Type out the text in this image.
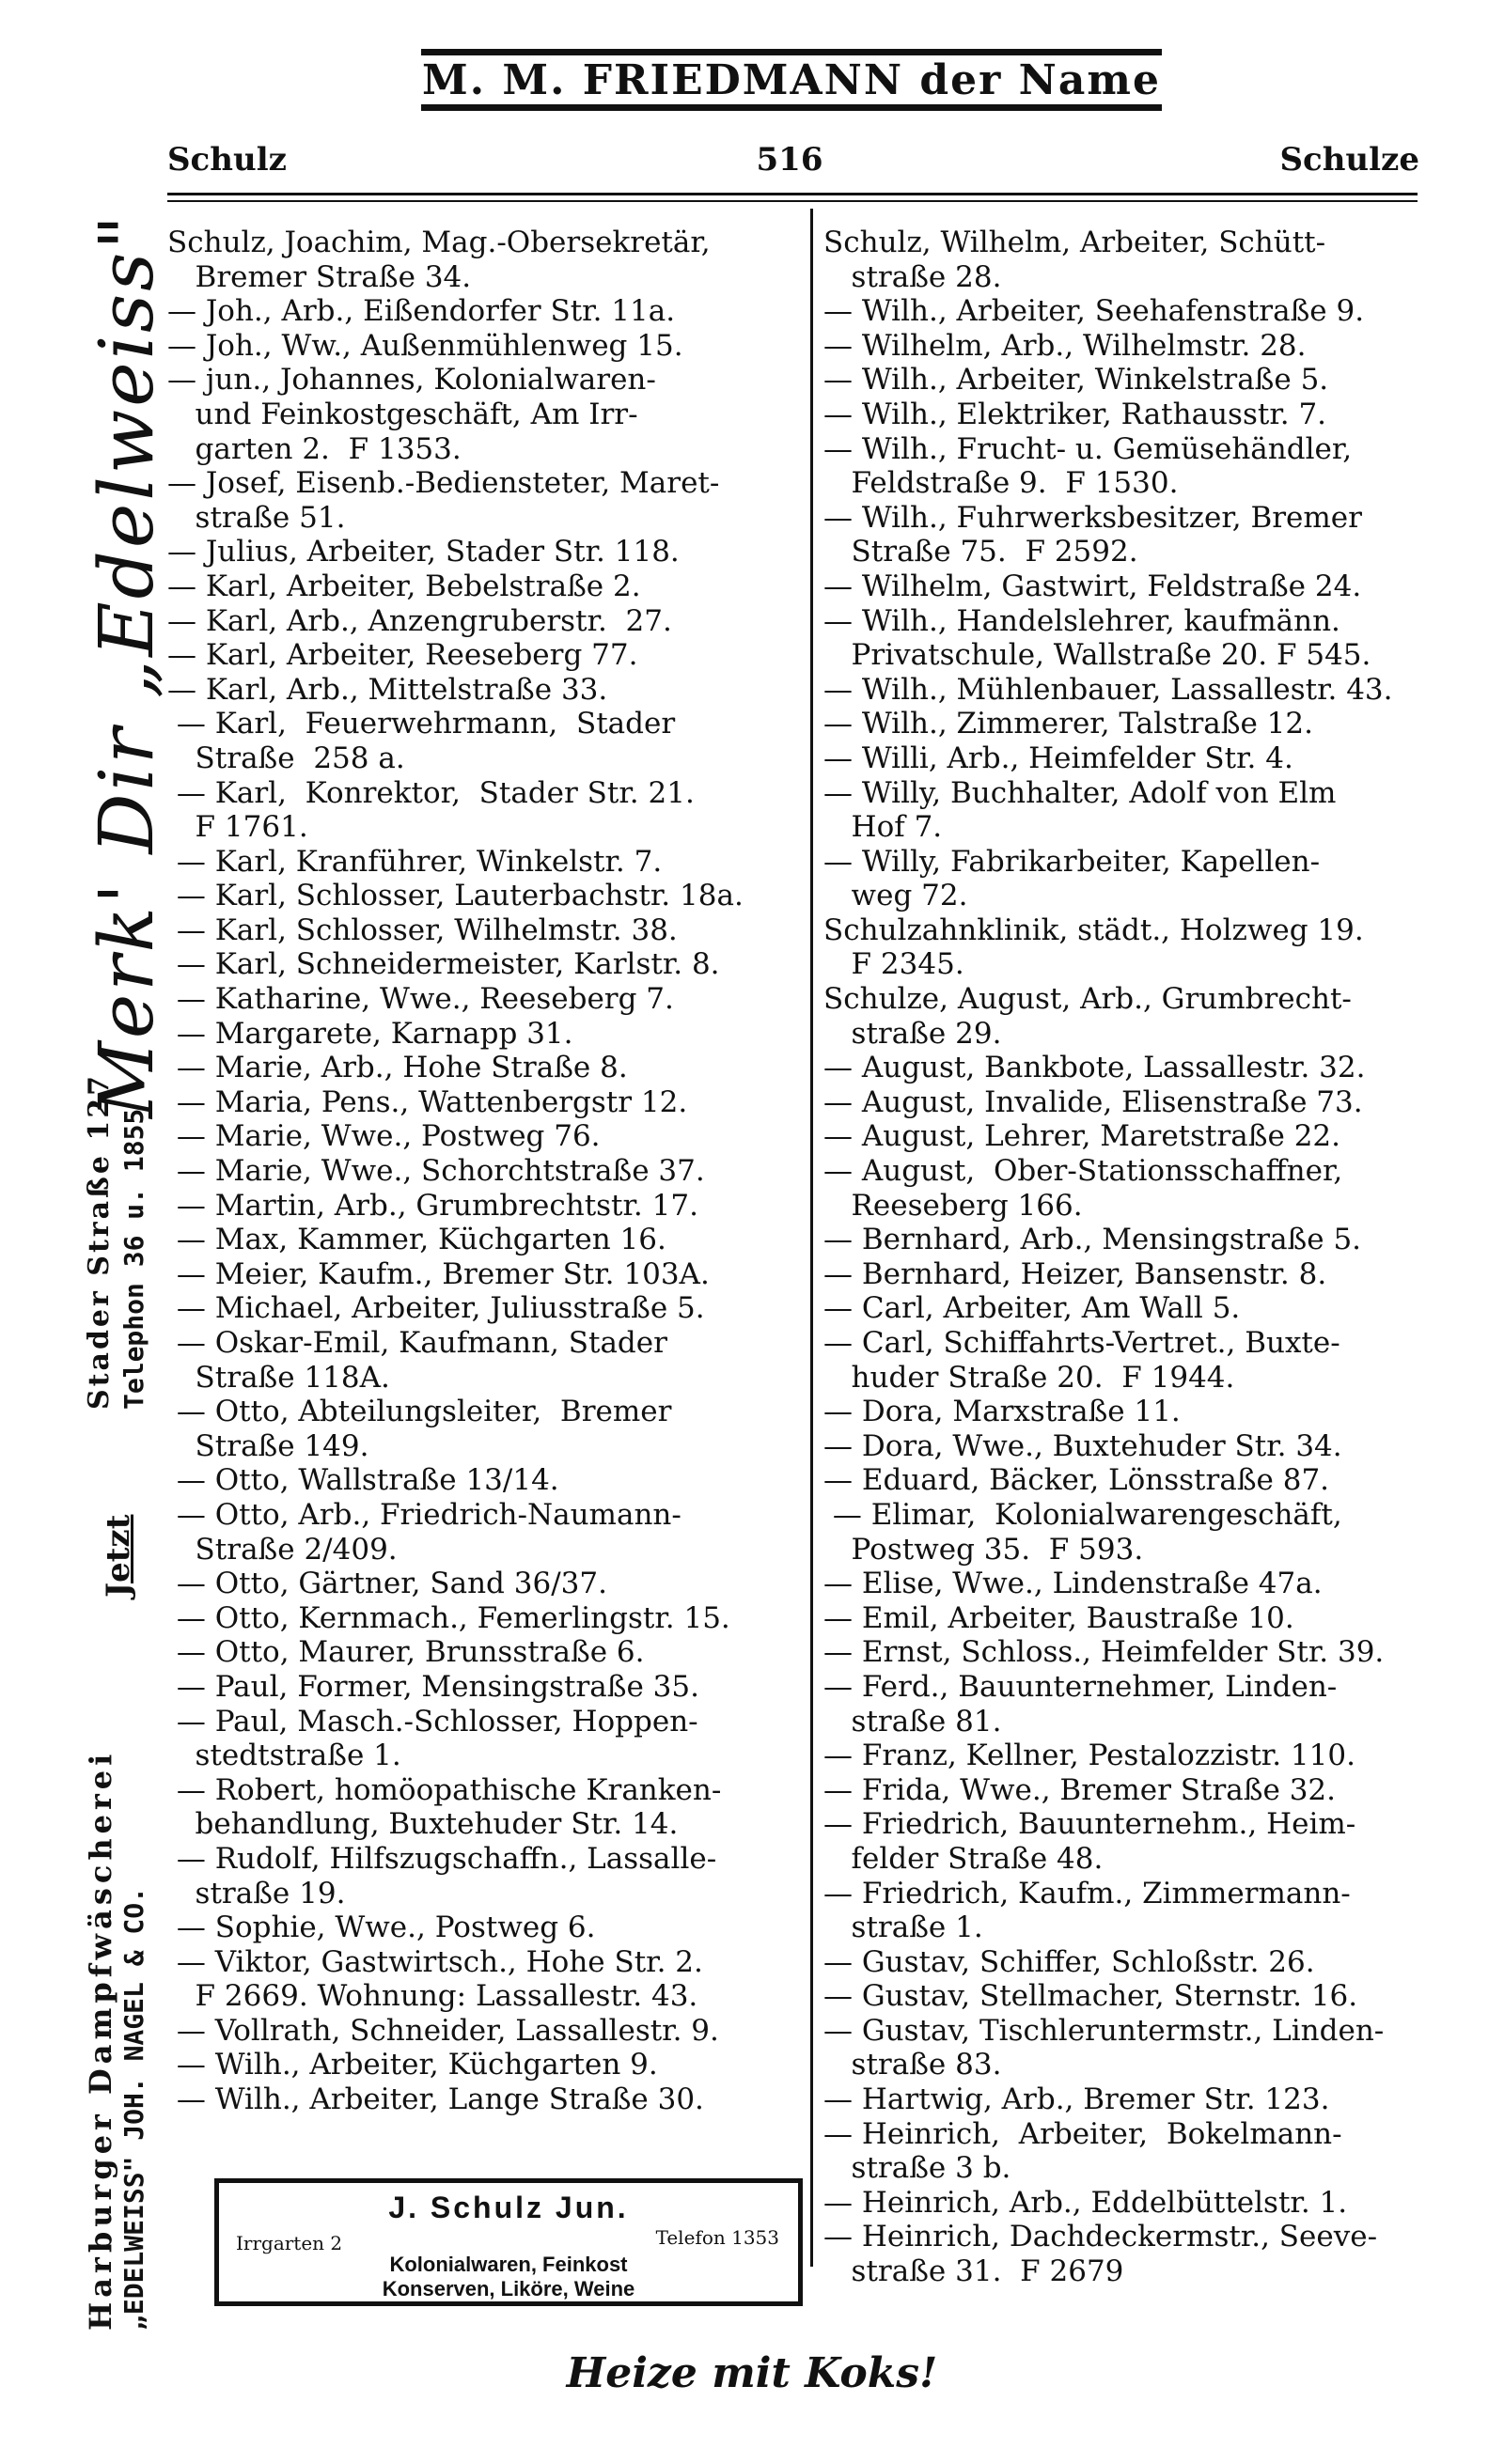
M. M. FRIEDMANN der Name
Schulz	516	Schulze
Merk' Dir „Edelweiss"
Stader Straße 127 Telephon 36 u. 1855
Jetzt
Harburger Dampfwäscherei „EDELWEISS" JOH. NAGEL & CO.
Schulz, Joachim, Mag.-Obersekretär,
Bremer Straße 34.
— Joh., Arb., Eißendorfer Str. 11a.
— Joh., Ww., Außenmühlenweg 15.
— jun., Johannes, Kolonialwaren-
und Feinkostgeschäft, Am Irr-
garten 2.  F 1353.
— Josef, Eisenb.-Bediensteter, Maret-
straße 51.
— Julius, Arbeiter, Stader Str. 118.
— Karl, Arbeiter, Bebelstraße 2.
— Karl, Arb., Anzengruberstr.  27.
— Karl, Arbeiter, Reeseberg 77.
— Karl, Arb., Mittelstraße 33.
— Karl,  Feuerwehrmann,  Stader
Straße  258 a.
— Karl,  Konrektor,  Stader Str. 21.
F 1761.
— Karl, Kranführer, Winkelstr. 7.
— Karl, Schlosser, Lauterbachstr. 18a.
— Karl, Schlosser, Wilhelmstr. 38.
— Karl, Schneidermeister, Karlstr. 8.
— Katharine, Wwe., Reeseberg 7.
— Margarete, Karnapp 31.
— Marie, Arb., Hohe Straße 8.
— Maria, Pens., Wattenbergstr 12.
— Marie, Wwe., Postweg 76.
— Marie, Wwe., Schorchtstraße 37.
— Martin, Arb., Grumbrechtstr. 17.
— Max, Kammer, Küchgarten 16.
— Meier, Kaufm., Bremer Str. 103A.
— Michael, Arbeiter, Juliusstraße 5.
— Oskar-Emil, Kaufmann, Stader
Straße 118A.
— Otto, Abteilungsleiter,  Bremer
Straße 149.
— Otto, Wallstraße 13/14.
— Otto, Arb., Friedrich-Naumann-
Straße 2/409.
— Otto, Gärtner, Sand 36/37.
— Otto, Kernmach., Femerlingstr. 15.
— Otto, Maurer, Brunsstraße 6.
— Paul, Former, Mensingstraße 35.
— Paul, Masch.-Schlosser, Hoppen-
stedtstraße 1.
— Robert, homöopathische Kranken-
behandlung, Buxtehuder Str. 14.
— Rudolf, Hilfszugschaffn., Lassalle-
straße 19.
— Sophie, Wwe., Postweg 6.
— Viktor, Gastwirtsch., Hohe Str. 2.
F 2669. Wohnung: Lassallestr. 43.
— Vollrath, Schneider, Lassallestr. 9.
— Wilh., Arbeiter, Küchgarten 9.
— Wilh., Arbeiter, Lange Straße 30.
Schulz, Wilhelm, Arbeiter, Schütt-
straße 28.
— Wilh., Arbeiter, Seehafenstraße 9.
— Wilhelm, Arb., Wilhelmstr. 28.
— Wilh., Arbeiter, Winkelstraße 5.
— Wilh., Elektriker, Rathausstr. 7.
— Wilh., Frucht- u. Gemüsehändler,
Feldstraße 9.  F 1530.
— Wilh., Fuhrwerksbesitzer, Bremer
Straße 75.  F 2592.
— Wilhelm, Gastwirt, Feldstraße 24.
— Wilh., Handelslehrer, kaufmänn.
Privatschule, Wallstraße 20. F 545.
— Wilh., Mühlenbauer, Lassallestr. 43.
— Wilh., Zimmerer, Talstraße 12.
— Willi, Arb., Heimfelder Str. 4.
— Willy, Buchhalter, Adolf von Elm
Hof 7.
— Willy, Fabrikarbeiter, Kapellen-
weg 72.
Schulzahnklinik, städt., Holzweg 19.
F 2345.
Schulze, August, Arb., Grumbrecht-
straße 29.
— August, Bankbote, Lassallestr. 32.
— August, Invalide, Elisenstraße 73.
— August, Lehrer, Maretstraße 22.
— August,  Ober-Stationsschaffner,
Reeseberg 166.
— Bernhard, Arb., Mensingstraße 5.
— Bernhard, Heizer, Bansenstr. 8.
— Carl, Arbeiter, Am Wall 5.
— Carl, Schiffahrts-Vertret., Buxte-
huder Straße 20.  F 1944.
— Dora, Marxstraße 11.
— Dora, Wwe., Buxtehuder Str. 34.
— Eduard, Bäcker, Lönsstraße 87.
— Elimar,  Kolonialwarengeschäft,
Postweg 35.  F 593.
— Elise, Wwe., Lindenstraße 47a.
— Emil, Arbeiter, Baustraße 10.
— Ernst, Schloss., Heimfelder Str. 39.
— Ferd., Bauunternehmer, Linden-
straße 81.
— Franz, Kellner, Pestalozzistr. 110.
— Frida, Wwe., Bremer Straße 32.
— Friedrich, Bauunternehm., Heim-
felder Straße 48.
— Friedrich, Kaufm., Zimmermann-
straße 1.
— Gustav, Schiffer, Schloßstr. 26.
— Gustav, Stellmacher, Sternstr. 16.
— Gustav, Tischleruntermstr., Linden-
straße 83.
— Hartwig, Arb., Bremer Str. 123.
— Heinrich,  Arbeiter,  Bokelmann-
straße 3 b.
— Heinrich, Arb., Eddelbüttelstr. 1.
— Heinrich, Dachdeckermstr., Seeve-
straße 31.  F 2679
J. Schulz Jun.
Irrgarten 2	Telefon 1353
Kolonialwaren, Feinkost
Konserven, Liköre, Weine
Heize mit Koks!
